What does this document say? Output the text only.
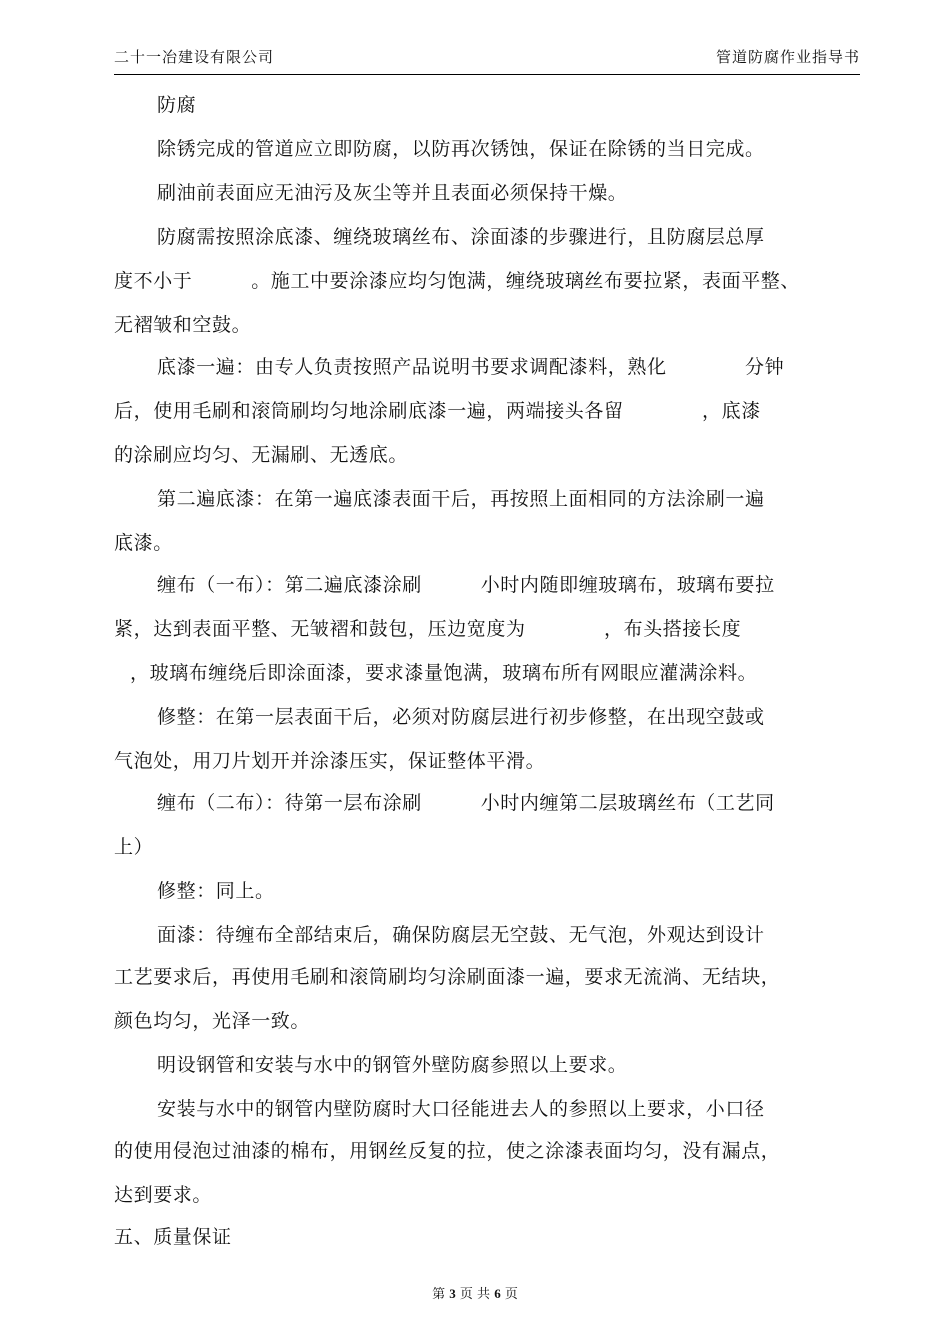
二十一冶建设有限公司	管道防腐作业指导书
防腐
除锈完成的管道应立即防腐，以防再次锈蚀，保证在除锈的当日完成。
刷油前表面应无油污及灰尘等并且表面必须保持干燥。
防腐需按照涂底漆、缠绕玻璃丝布、涂面漆的步骤进行，且防腐层总厚
度不小于　　　。施工中要涂漆应均匀饱满，缠绕玻璃丝布要拉紧，表面平整、
无褶皱和空鼓。
底漆一遍：由专人负责按照产品说明书要求调配漆料，熟化　　　　分钟
后，使用毛刷和滚筒刷均匀地涂刷底漆一遍，两端接头各留　　　　，底漆
的涂刷应均匀、无漏刷、无透底。
第二遍底漆：在第一遍底漆表面干后，再按照上面相同的方法涂刷一遍
底漆。
缠布（一布）：第二遍底漆涂刷　　　小时内随即缠玻璃布，玻璃布要拉
紧，达到表面平整、无皱褶和鼓包，压边宽度为　　　　，布头搭接长度
，玻璃布缠绕后即涂面漆，要求漆量饱满，玻璃布所有网眼应灌满涂料。
修整：在第一层表面干后，必须对防腐层进行初步修整，在出现空鼓或
气泡处，用刀片划开并涂漆压实，保证整体平滑。
缠布（二布）：待第一层布涂刷　　　小时内缠第二层玻璃丝布（工艺同
上）
修整：同上。
面漆：待缠布全部结束后，确保防腐层无空鼓、无气泡，外观达到设计
工艺要求后，再使用毛刷和滚筒刷均匀涂刷面漆一遍，要求无流淌、无结块，
颜色均匀，光泽一致。
明设钢管和安装与水中的钢管外壁防腐参照以上要求。
安装与水中的钢管内壁防腐时大口径能进去人的参照以上要求，小口径
的使用侵泡过油漆的棉布，用钢丝反复的拉，使之涂漆表面均匀，没有漏点，
达到要求。
五、质量保证
第 3 页 共 6 页
